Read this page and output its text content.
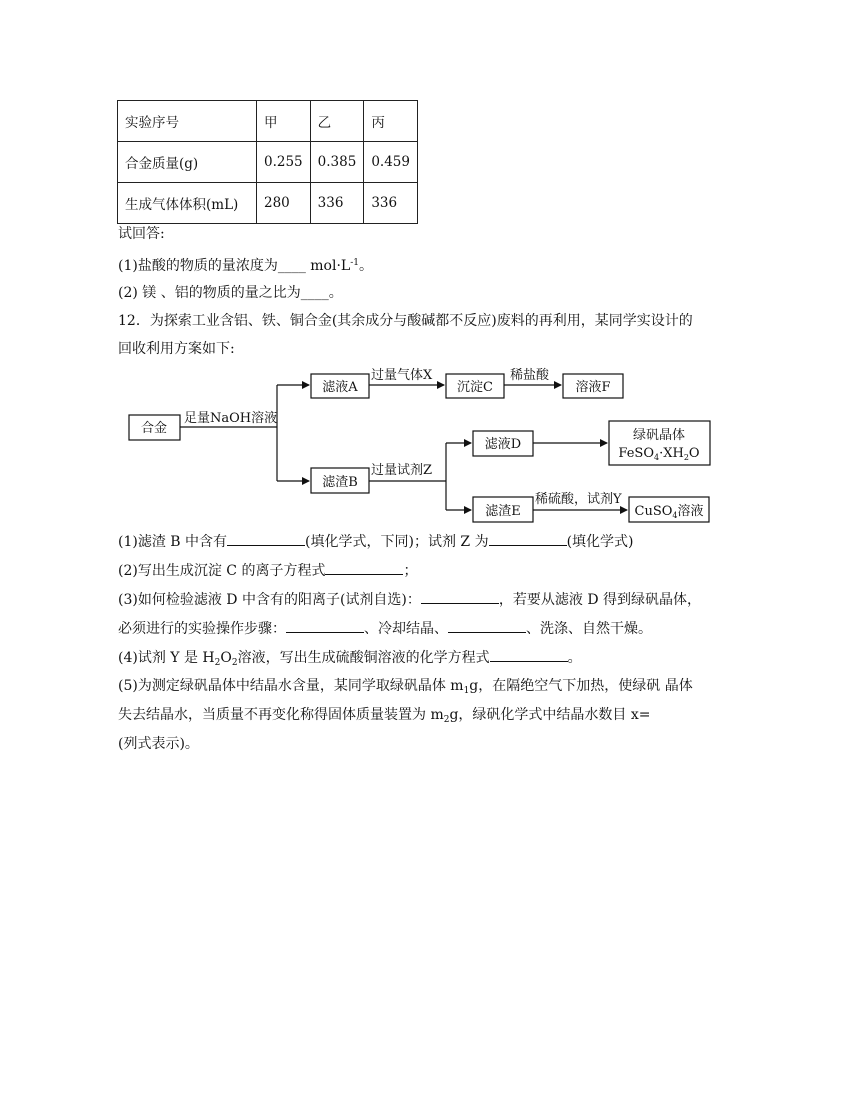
实验序号	甲	乙	丙
合金质量(g)	0.255	0.385	0.459
生成气体体积(mL)	280	336	336
试回答:
(1)盐酸的物质的量浓度为____ $mol\cdot L^{-1}$。
(2) 镁 、铝的物质的量之比为____。
12．为探索工业含铝、铁、铜合金(其余成分与酸碱都不反应)废料的再利用，某同学实设计的
回收利用方案如下:
合金
滤液A	沉淀C	溶液F
滤渣B
滤液D
绿矾晶体
$FeSO_4\cdot XH_2O$
滤渣E	CuSO$_4$溶液
足量NaOH溶液
过量气体X	稀盐酸
过量试剂Z
稀硫酸，试剂Y
(1)滤渣 B 中含有	(填化学式，下同)；试剂 Z 为	(填化学式)
(2)写出生成沉淀 C 的离子方程式	；
(3)如何检验滤液 D 中含有的阳离子(试剂自选)：	，若要从滤液 D 得到绿矾晶体，
必须进行的实验操作步骤：	、冷却结晶、	、洗涤、自然干燥。
(4)试剂 Y 是 $H_2O_2$溶液，写出生成硫酸铜溶液的化学方程式	。
(5)为测定绿矾晶体中结晶水含量，某同学取绿矾晶体 $m_1g$，在隔绝空气下加热，使绿矾 晶体
失去结晶水，当质量不再变化称得固体质量装置为 $m_2g$，绿矾化学式中结晶水数目 x=
(列式表示)。
